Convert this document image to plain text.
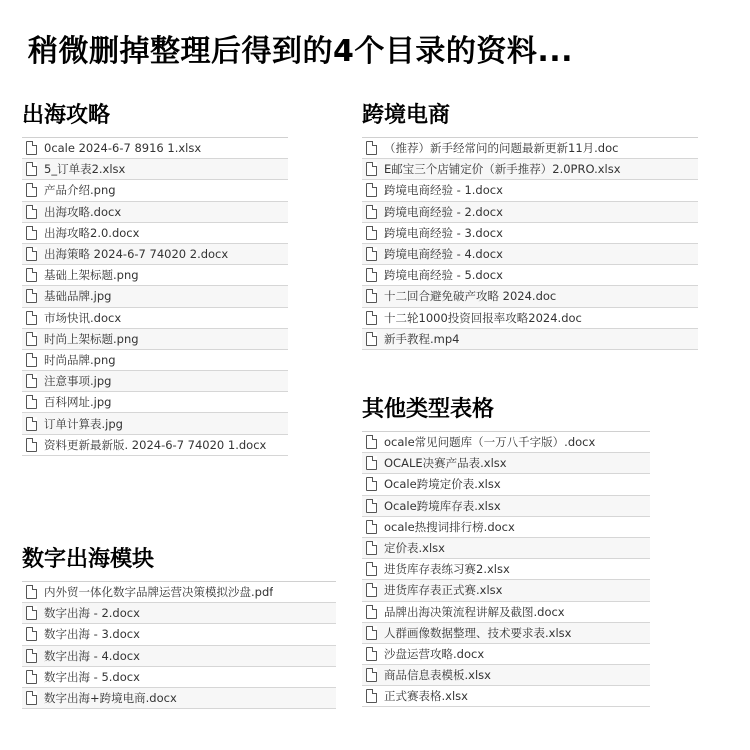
稍微删掉整理后得到的4个目录的资料...
出海攻略
0cale 2024-6-7 8916 1.xlsx
5_订单表2.xlsx
产品介绍.png
出海攻略.docx
出海攻略2.0.docx
出海策略 2024-6-7 74020 2.docx
基础上架标题.png
基础品牌.jpg
市场快讯.docx
时尚上架标题.png
时尚品牌.png
注意事项.jpg
百科网址.jpg
订单计算表.jpg
资料更新最新版. 2024-6-7 74020 1.docx
数字出海模块
内外贸一体化数字品牌运营决策模拟沙盘.pdf
数字出海 - 2.docx
数字出海 - 3.docx
数字出海 - 4.docx
数字出海 - 5.docx
数字出海+跨境电商.docx
跨境电商
（推荐）新手经常问的问题最新更新11月.doc
E邮宝三个店铺定价（新手推荐）2.0PRO.xlsx
跨境电商经验 - 1.docx
跨境电商经验 - 2.docx
跨境电商经验 - 3.docx
跨境电商经验 - 4.docx
跨境电商经验 - 5.docx
十二回合避免破产攻略 2024.doc
十二轮1000投资回报率攻略2024.doc
新手教程.mp4
其他类型表格
ocale常见问题库（一万八千字版）.docx
OCALE决赛产品表.xlsx
Ocale跨境定价表.xlsx
Ocale跨境库存表.xlsx
ocale热搜词排行榜.docx
定价表.xlsx
进货库存表练习赛2.xlsx
进货库存表正式赛.xlsx
品牌出海决策流程讲解及截图.docx
人群画像数据整理、技术要求表.xlsx
沙盘运营攻略.docx
商品信息表模板.xlsx
正式赛表格.xlsx
